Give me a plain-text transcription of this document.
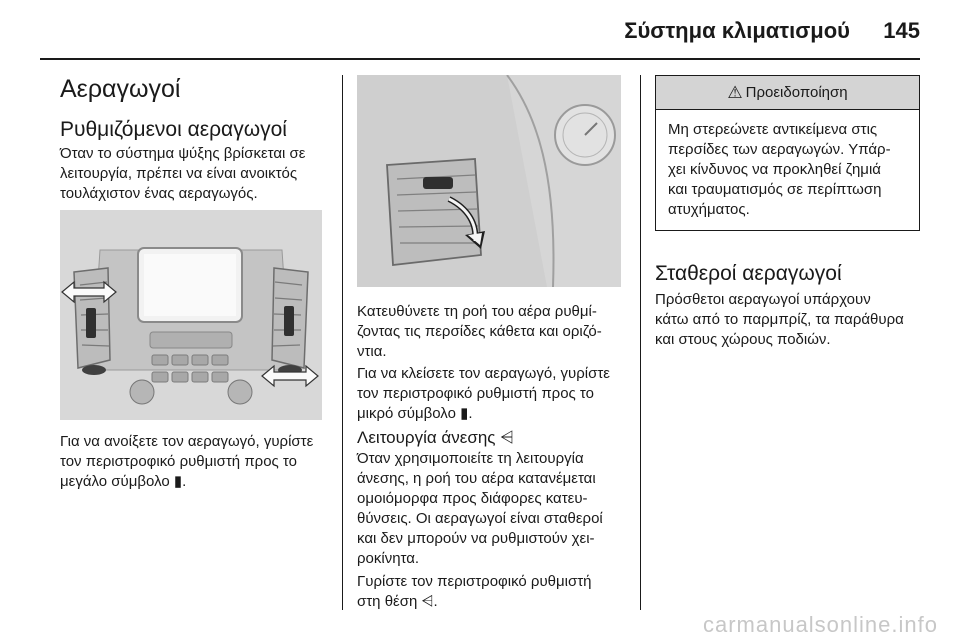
Σύστημα κλιματισμού 145
Αεραγωγοί
Ρυθμιζόμενοι αεραγωγοί

Όταν το σύστημα ψύξης βρίσκεται σε

λειτουργία, πρέπει να είναι ανοικτός

τουλάχιστον ένας αεραγωγός.

Για να ανοίξετε τον αεραγωγό, γυρίστε

τον περιστροφικό ρυθμιστή προς το

μεγάλο σύμβολο ▮.

Κατευθύνετε τη ροή του αέρα ρυθμί-

ζοντας τις περσίδες κάθετα και οριζό-

ντια.

Για να κλείσετε τον αεραγωγό, γυρίστε

τον περιστροφικό ρυθμιστή προς το

μικρό σύμβολο ▮.

Λειτουργία άνεσης ⩤

Όταν χρησιμοποιείτε τη λειτουργία

άνεσης, η ροή του αέρα κατανέμεται

ομοιόμορφα προς διάφορες κατευ-

θύνσεις. Οι αεραγωγοί είναι σταθεροί

και δεν μπορούν να ρυθμιστούν χει-

ροκίνητα.

Γυρίστε τον περιστροφικό ρυθμιστή

στη θέση ⩤.

⚠ Προειδοποίηση
Μη στερεώνετε αντικείμενα στις
περσίδες των αεραγωγών. Υπάρ-
χει κίνδυνος να προκληθεί ζημιά
και τραυματισμός σε περίπτωση
ατυχήματος.
Σταθεροί αεραγωγοί

Πρόσθετοι αεραγωγοί υπάρχουν

κάτω από το παρμπρίζ, τα παράθυρα

και στους χώρους ποδιών.

carmanualsonline.info
